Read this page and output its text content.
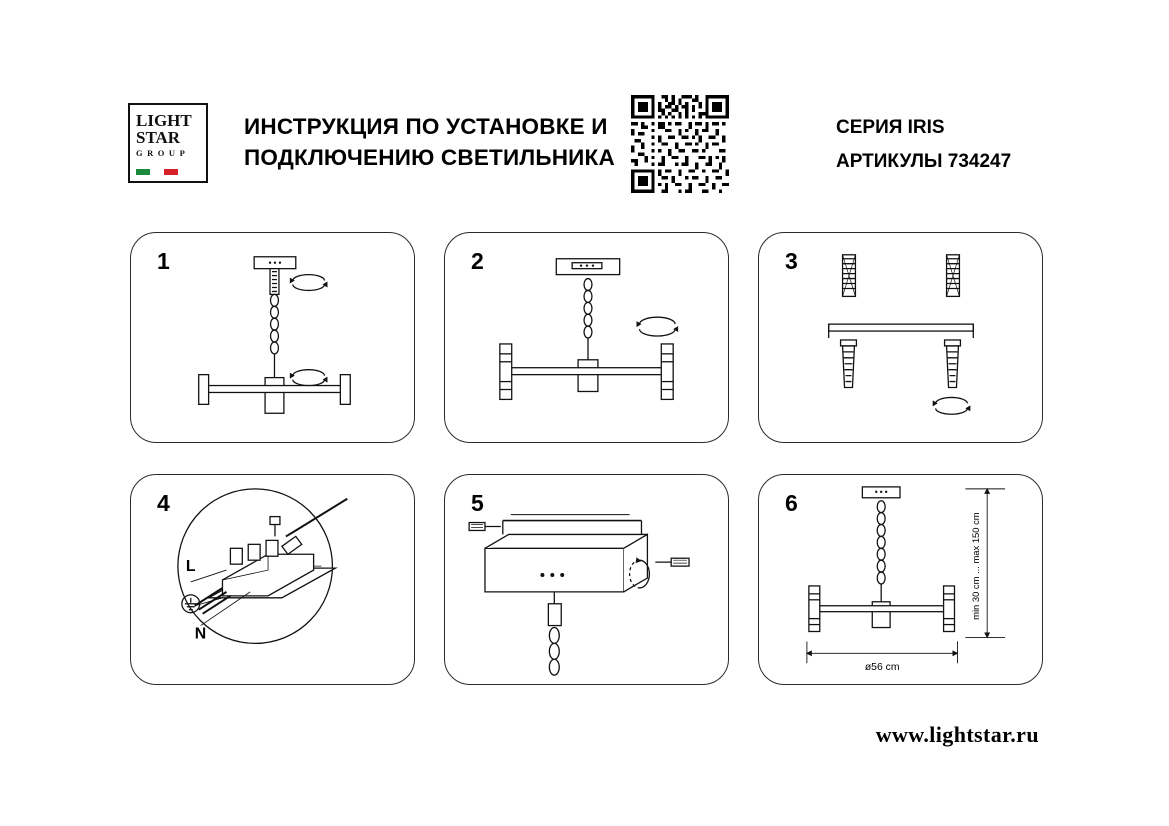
LIGHT
STAR
G R O U P
ИНСТРУКЦИЯ ПО УСТАНОВКЕ И
ПОДКЛЮЧЕНИЮ СВЕТИЛЬНИКА
СЕРИЯ IRIS
АРТИКУЛЫ 734247
1	2	3
4
L
N
5	6
min 30 cm ... max 150 cm
ø56 cm
www.lightstar.ru
